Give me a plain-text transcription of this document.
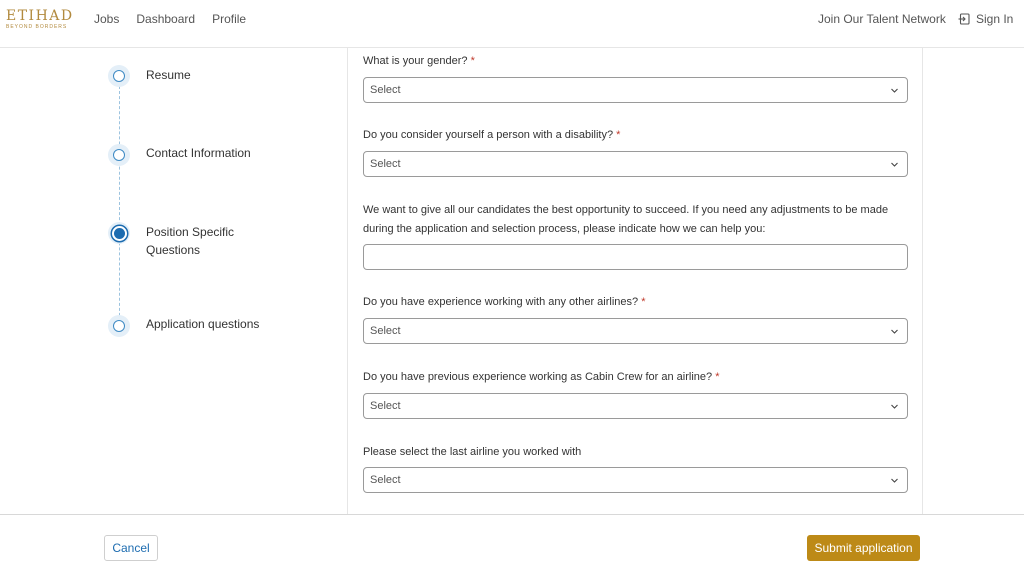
ETIHAD
BEYOND BORDERS
Jobs Dashboard Profile	Join Our Talent Network	Sign In
Resume
Contact Information
Position Specific Questions
Application questions
What is your gender? *
Select
Do you consider yourself a person with a disability? *
Select
We want to give all our candidates the best opportunity to succeed. If you need any adjustments to be made during the application and selection process, please indicate how we can help you:
Do you have experience working with any other airlines? *
Select
Do you have previous experience working as Cabin Crew for an airline? *
Select
Please select the last airline you worked with
Select
Cancel	Submit application
